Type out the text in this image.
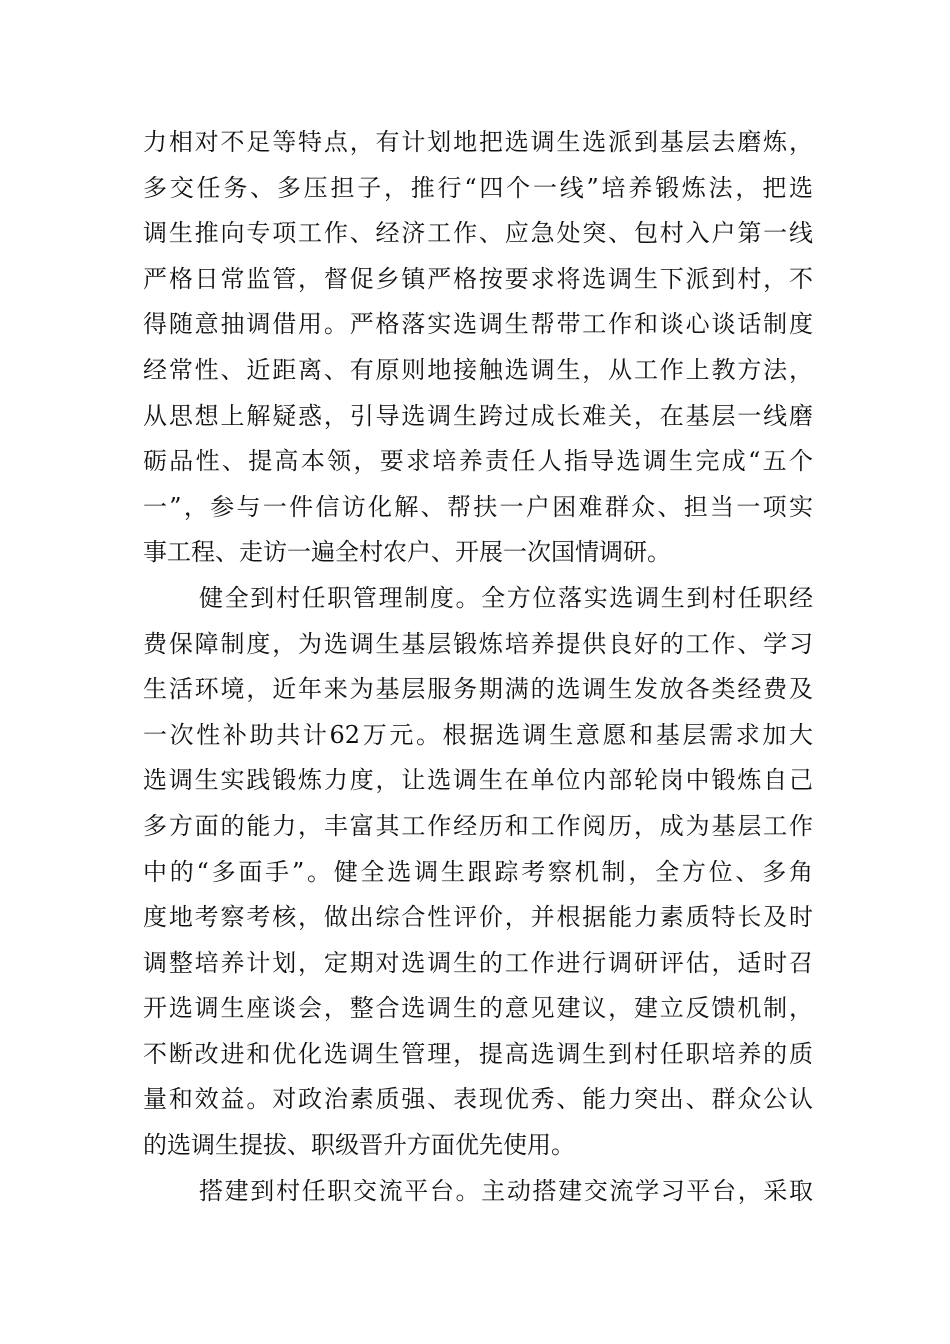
力相对不足等特点，有计划地把选调生选派到基层去磨炼，
多交任务、多压担子，推行“四个一线”培养锻炼法，把选
调生推向专项工作、经济工作、应急处突、包村入户第一线
严格日常监管，督促乡镇严格按要求将选调生下派到村，不
得随意抽调借用。严格落实选调生帮带工作和谈心谈话制度
经常性、近距离、有原则地接触选调生，从工作上教方法，
从思想上解疑惑，引导选调生跨过成长难关，在基层一线磨
砺品性、提高本领，要求培养责任人指导选调生完成“五个
一”，参与一件信访化解、帮扶一户困难群众、担当一项实
事工程、走访一遍全村农户、开展一次国情调研。
健全到村任职管理制度。全方位落实选调生到村任职经
费保障制度，为选调生基层锻炼培养提供良好的工作、学习
生活环境，近年来为基层服务期满的选调生发放各类经费及
一次性补助共计62万元。根据选调生意愿和基层需求加大
选调生实践锻炼力度，让选调生在单位内部轮岗中锻炼自己
多方面的能力，丰富其工作经历和工作阅历，成为基层工作
中的“多面手”。健全选调生跟踪考察机制，全方位、多角
度地考察考核，做出综合性评价，并根据能力素质特长及时
调整培养计划，定期对选调生的工作进行调研评估，适时召
开选调生座谈会，整合选调生的意见建议，建立反馈机制，
不断改进和优化选调生管理，提高选调生到村任职培养的质
量和效益。对政治素质强、表现优秀、能力突出、群众公认
的选调生提拔、职级晋升方面优先使用。
搭建到村任职交流平台。主动搭建交流学习平台，采取
